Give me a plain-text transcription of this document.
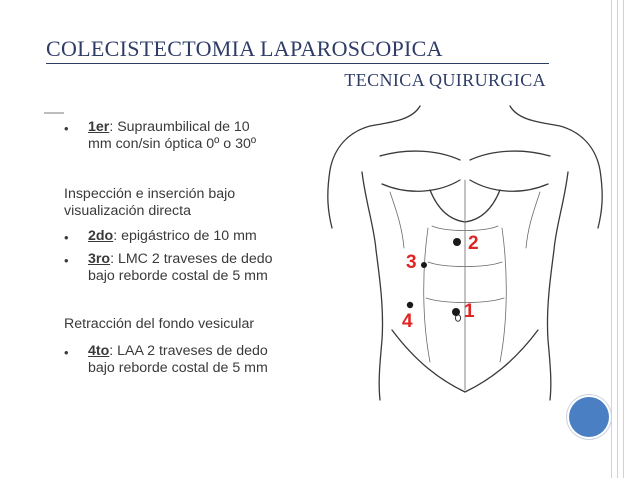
COLECISTECTOMIA LAPAROSCOPICA
TECNICA QUIRURGICA
• 1er: Supraumbilical de 10
mm con/sin óptica 0º o 30º
Inspección e inserción bajo
visualización directa
• 2do: epigástrico de 10 mm
• 3ro: LMC 2 traveses de dedo
bajo reborde costal de 5 mm
Retracción del fondo vesicular
• 4to: LAA 2 traveses de dedo
bajo reborde costal de 5 mm
2
3
4	1
